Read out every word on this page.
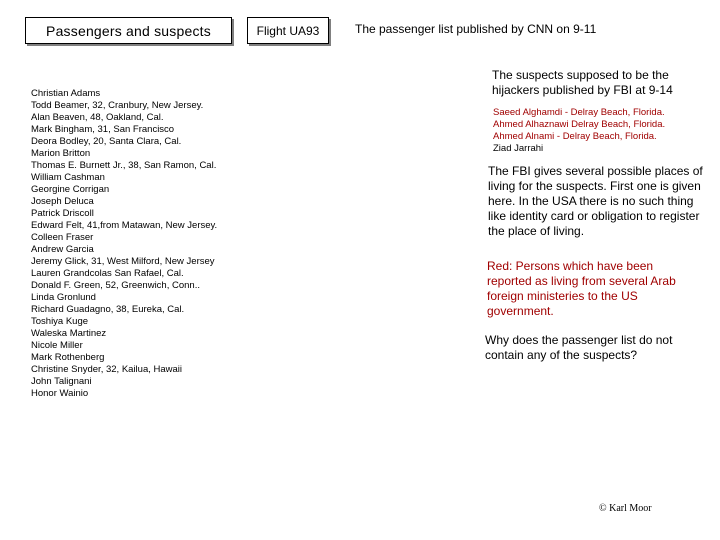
Passengers and suspects	Flight UA93	The passenger list published by CNN on 9-11
Christian Adams
Todd Beamer, 32, Cranbury, New Jersey.
Alan Beaven, 48, Oakland, Cal.
Mark Bingham, 31, San Francisco
Deora Bodley, 20, Santa Clara, Cal.
Marion Britton
Thomas E. Burnett Jr., 38, San Ramon, Cal.
William Cashman
Georgine Corrigan
Joseph Deluca
Patrick Driscoll
Edward Felt, 41,from Matawan, New Jersey.
Colleen Fraser
Andrew Garcia
Jeremy Glick, 31, West Milford, New Jersey
Lauren Grandcolas San Rafael, Cal.
Donald F. Green, 52, Greenwich, Conn..
Linda Gronlund
Richard Guadagno, 38, Eureka, Cal.
Toshiya Kuge
Waleska Martinez
Nicole Miller
Mark Rothenberg
Christine Snyder, 32, Kailua, Hawaii
John Talignani
Honor Wainio
The suspects supposed to be the hijackers published by FBI at 9-14
Saeed Alghamdi - Delray Beach, Florida.
Ahmed Alhaznawi Delray Beach, Florida.
Ahmed Alnami - Delray Beach, Florida.
Ziad Jarrahi
The FBI gives several possible places of living for the suspects. First one is given here. In the USA there is no such thing like identity card or obligation to register the place of living.
Red: Persons which have been reported as living from several Arab foreign ministeries to the US government.
Why does the passenger list do not contain any of the suspects?
© Karl Moor
